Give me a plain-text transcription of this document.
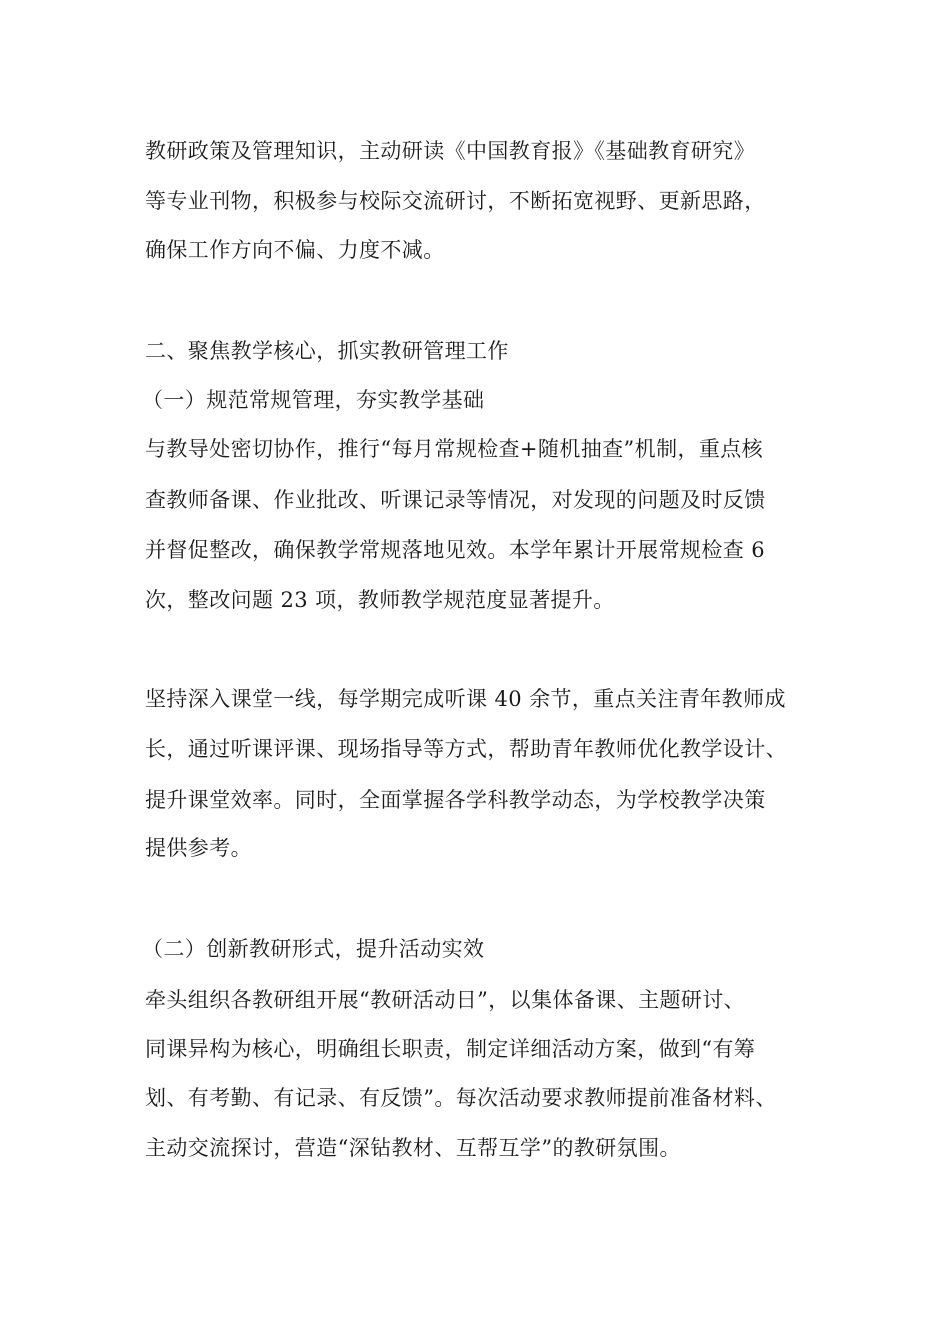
教研政策及管理知识，主动研读《中国教育报》《基础教育研究》
等专业刊物，积极参与校际交流研讨，不断拓宽视野、更新思路，
确保工作方向不偏、力度不减。
二、聚焦教学核心，抓实教研管理工作
（一）规范常规管理，夯实教学基础
与教导处密切协作，推行“每月常规检查+随机抽查”机制，重点核
查教师备课、作业批改、听课记录等情况，对发现的问题及时反馈
并督促整改，确保教学常规落地见效。本学年累计开展常规检查 6
次，整改问题 23 项，教师教学规范度显著提升。
坚持深入课堂一线，每学期完成听课 40 余节，重点关注青年教师成
长，通过听课评课、现场指导等方式，帮助青年教师优化教学设计、
提升课堂效率。同时，全面掌握各学科教学动态，为学校教学决策
提供参考。
（二）创新教研形式，提升活动实效
牵头组织各教研组开展“教研活动日”，以集体备课、主题研讨、
同课异构为核心，明确组长职责，制定详细活动方案，做到“有筹
划、有考勤、有记录、有反馈”。每次活动要求教师提前准备材料、
主动交流探讨，营造“深钻教材、互帮互学”的教研氛围。
